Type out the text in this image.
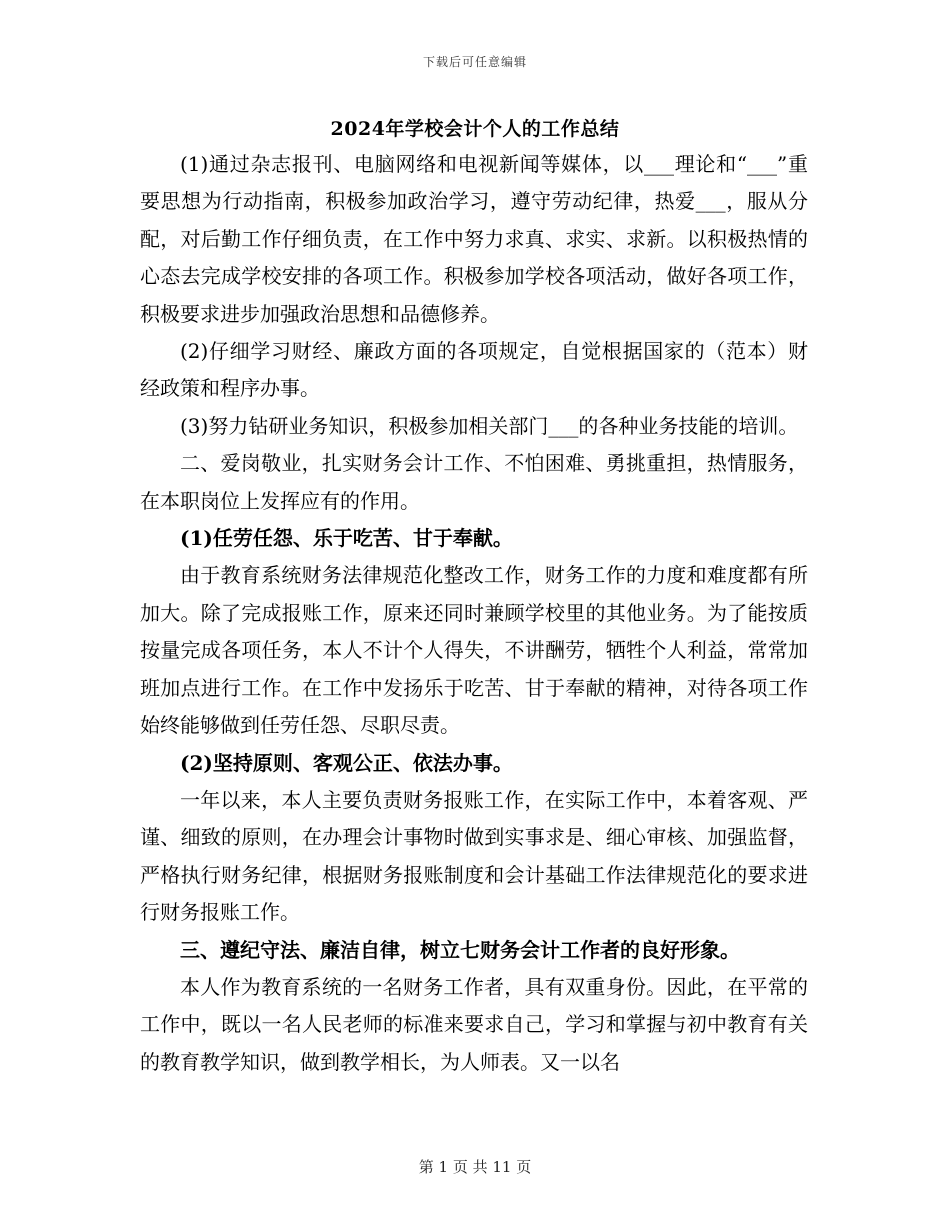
下载后可任意编辑
2024年学校会计个人的工作总结

(1)通过杂志报刊、电脑网络和电视新闻等媒体，以___理论和“___”重要思想为行动指南，积极参加政治学习，遵守劳动纪律，热爱___，服从分配，对后勤工作仔细负责，在工作中努力求真、求实、求新。以积极热情的心态去完成学校安排的各项工作。积极参加学校各项活动，做好各项工作，积极要求进步加强政治思想和品德修养。

(2)仔细学习财经、廉政方面的各项规定，自觉根据国家的（范本）财经政策和程序办事。

(3)努力钻研业务知识，积极参加相关部门___的各种业务技能的培训。

二、爱岗敬业，扎实财务会计工作、不怕困难、勇挑重担，热情服务，在本职岗位上发挥应有的作用。

(1)任劳任怨、乐于吃苦、甘于奉献。

由于教育系统财务法律规范化整改工作，财务工作的力度和难度都有所加大。除了完成报账工作，原来还同时兼顾学校里的其他业务。为了能按质按量完成各项任务，本人不计个人得失，不讲酬劳，牺牲个人利益，常常加班加点进行工作。在工作中发扬乐于吃苦、甘于奉献的精神，对待各项工作始终能够做到任劳任怨、尽职尽责。

(2)坚持原则、客观公正、依法办事。

一年以来，本人主要负责财务报账工作，在实际工作中，本着客观、严谨、细致的原则，在办理会计事物时做到实事求是、细心审核、加强监督，严格执行财务纪律，根据财务报账制度和会计基础工作法律规范化的要求进行财务报账工作。

三、遵纪守法、廉洁自律，树立七财务会计工作者的良好形象。

本人作为教育系统的一名财务工作者，具有双重身份。因此，在平常的工作中，既以一名人民老师的标准来要求自己，学习和掌握与初中教育有关的教育教学知识，做到教学相长，为人师表。又一以名

第 1 页 共 11 页
